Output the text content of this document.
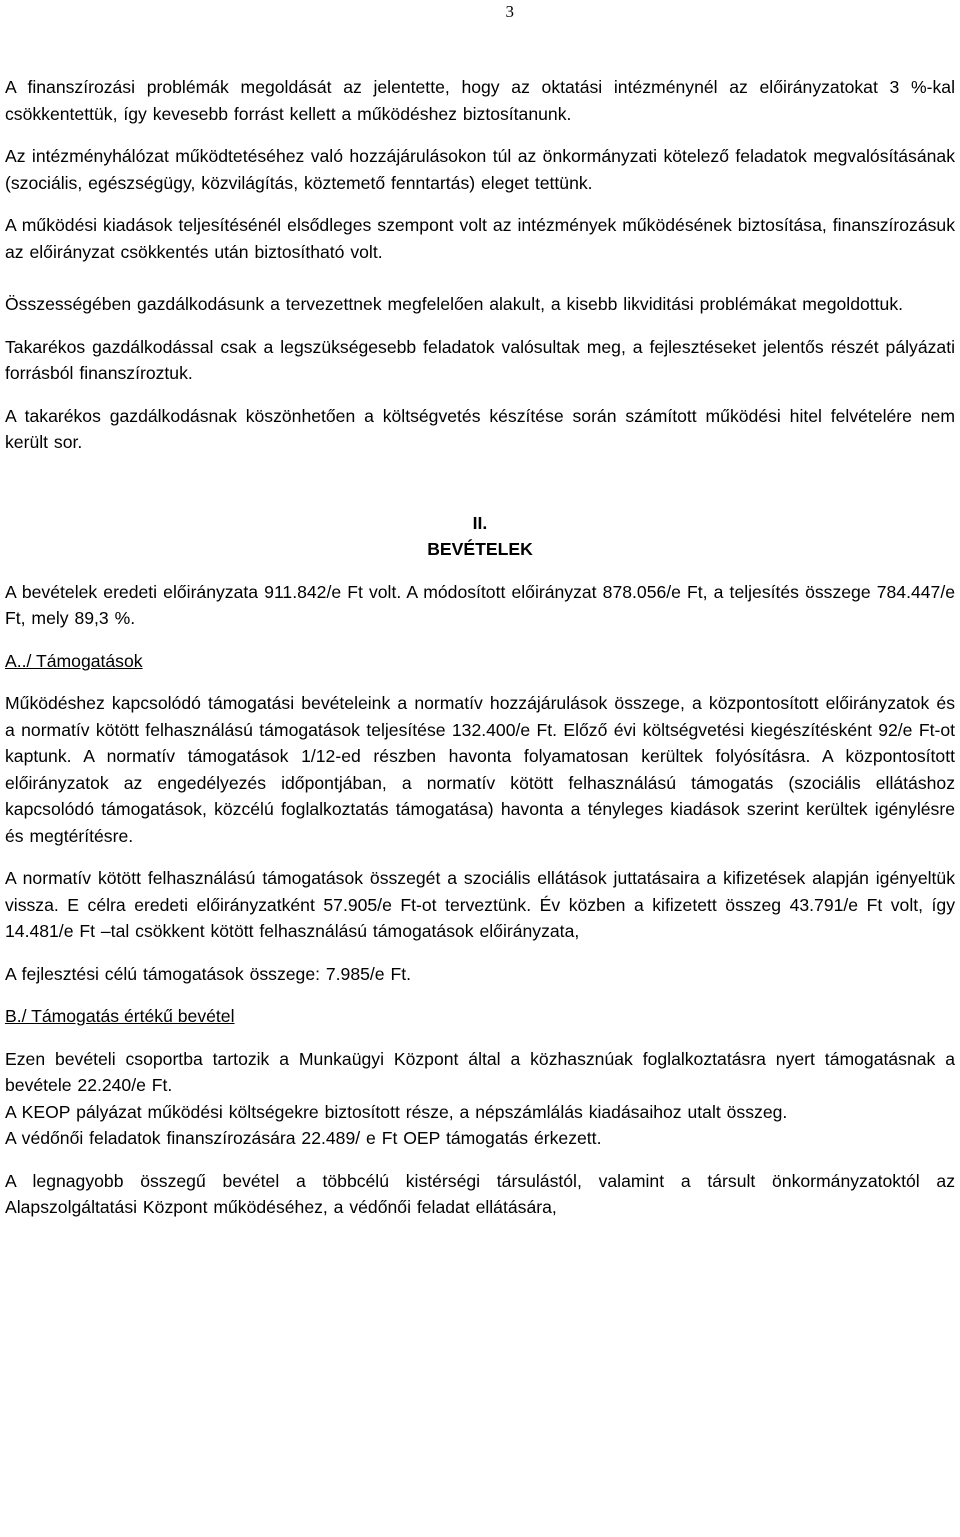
3

A finanszírozási problémák megoldását az jelentette, hogy az oktatási intézménynél az előirányzatokat 3 %-kal csökkentettük, így kevesebb forrást kellett a működéshez biztosítanunk.

Az intézményhálózat működtetéséhez való hozzájárulásokon túl az önkormányzati kötelező feladatok megvalósításának (szociális, egészségügy, közvilágítás, köztemető fenntartás) eleget tettünk.

A működési kiadások teljesítésénél elsődleges szempont volt az intézmények működésének biztosítása, finanszírozásuk az előirányzat csökkentés után biztosítható volt.

Összességében gazdálkodásunk a tervezettnek megfelelően alakult, a kisebb likviditási problémákat megoldottuk.

Takarékos gazdálkodással csak a legszükségesebb feladatok valósultak meg, a fejlesztéseket jelentős részét pályázati forrásból finanszíroztuk.

A takarékos gazdálkodásnak köszönhetően a költségvetés készítése során számított működési hitel felvételére nem került sor.

II.

BEVÉTELEK

A bevételek eredeti előirányzata 911.842/e Ft volt. A módosított előirányzat 878.056/e Ft, a teljesítés összege 784.447/e Ft, mely 89,3 %.

A../ Támogatások

Működéshez kapcsolódó támogatási bevételeink a normatív hozzájárulások összege, a központosított előirányzatok és a normatív kötött felhasználású támogatások teljesítése 132.400/e Ft. Előző évi költségvetési kiegészítésként 92/e Ft-ot kaptunk. A normatív támogatások 1/12-ed részben havonta folyamatosan kerültek folyósításra. A központosított előirányzatok az engedélyezés időpontjában, a normatív kötött felhasználású támogatás (szociális ellátáshoz kapcsolódó támogatások, közcélú foglalkoztatás támogatása) havonta a tényleges kiadások szerint kerültek igénylésre és megtérítésre.

A normatív kötött felhasználású támogatások összegét a szociális ellátások juttatásaira a kifizetések alapján igényeltük vissza. E célra eredeti előirányzatként 57.905/e Ft-ot terveztünk. Év közben a kifizetett összeg 43.791/e Ft volt, így 14.481/e Ft –tal csökkent kötött felhasználású támogatások előirányzata,

A fejlesztési célú támogatások összege: 7.985/e Ft.

B./ Támogatás értékű bevétel

Ezen bevételi csoportba tartozik a Munkaügyi Központ által a közhasznúak foglalkoztatásra nyert támogatásnak a bevétele 22.240/e Ft.

A KEOP pályázat működési költségekre biztosított része, a népszámlálás kiadásaihoz utalt összeg.

A védőnői feladatok finanszírozására 22.489/ e Ft OEP támogatás érkezett.

A legnagyobb összegű bevétel a többcélú kistérségi társulástól, valamint a társult önkormányzatoktól az Alapszolgáltatási Központ működéséhez, a védőnői feladat ellátására,
